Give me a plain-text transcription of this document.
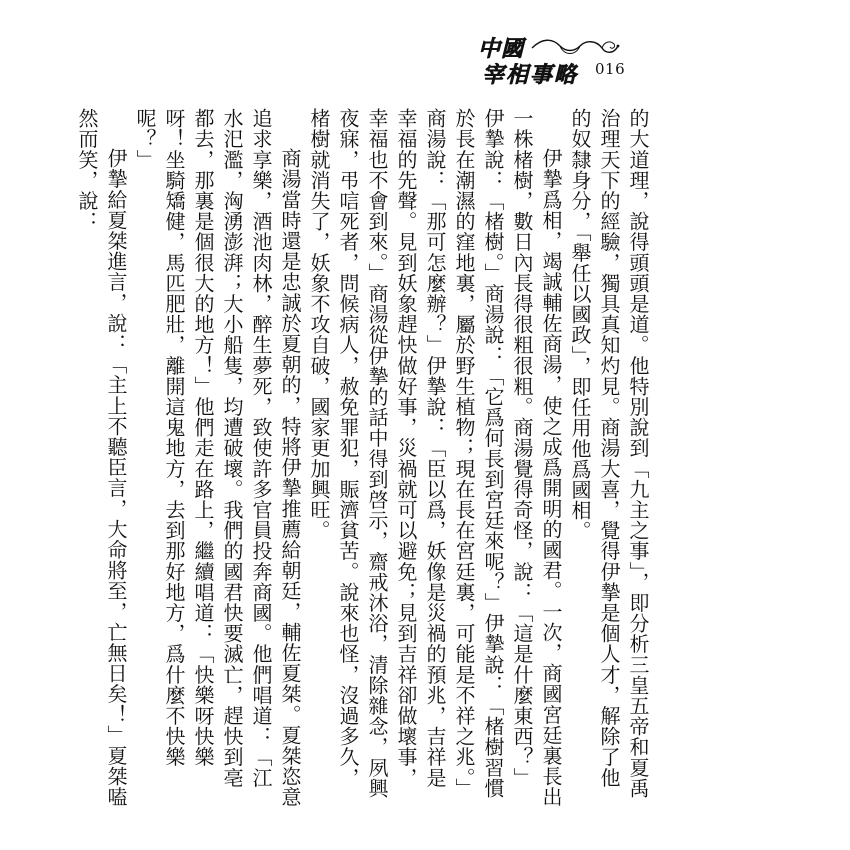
中國
宰相事略 016

的大道理，說得頭頭是道。他特別說到「九主之事」，即分析三皇五帝和夏禹治理天下的經驗，獨具真知灼見。商湯大喜，覺得伊摯是個人才，解除了他的奴隸身分，「舉任以國政」，即任用他爲國相。

伊摯爲相，竭誠輔佐商湯，使之成爲開明的國君。一次，商國宮廷裏長出一株楮樹，數日內長得很粗很粗。商湯覺得奇怪，說：「這是什麼東西？」伊摯說：「楮樹。」商湯說：「它爲何長到宮廷來呢？」伊摯說：「楮樹習慣於長在潮濕的窪地裏，屬於野生植物；現在長在宮廷裏，可能是不祥之兆。」商湯說：「那可怎麼辦？」伊摯說：「臣以爲，妖像是災禍的預兆，吉祥是幸福的先聲。見到妖象趕快做好事，災禍就可以避免；見到吉祥卻做壞事，幸福也不會到來。」商湯從伊摯的話中得到啓示，齋戒沐浴，清除雜念，夙興夜寐，弔唁死者，問候病人，赦免罪犯，賑濟貧苦。說來也怪，沒過多久，楮樹就消失了，妖象不攻自破，國家更加興旺。

商湯當時還是忠誠於夏朝的，特將伊摯推薦給朝廷，輔佐夏桀。夏桀恣意追求享樂，酒池肉林，醉生夢死，致使許多官員投奔商國。他們唱道：「江水汜濫，洶湧澎湃；大小船隻，均遭破壞。我們的國君快要滅亡，趕快到亳都去，那裏是個很大的地方！」他們走在路上，繼續唱道：「快樂呀快樂呀！坐騎矯健，馬匹肥壯，離開這鬼地方，去到那好地方，爲什麼不快樂呢？」

伊摯給夏桀進言，說：「主上不聽臣言，大命將至，亡無日矣！」夏桀嗑然而笑，說：
